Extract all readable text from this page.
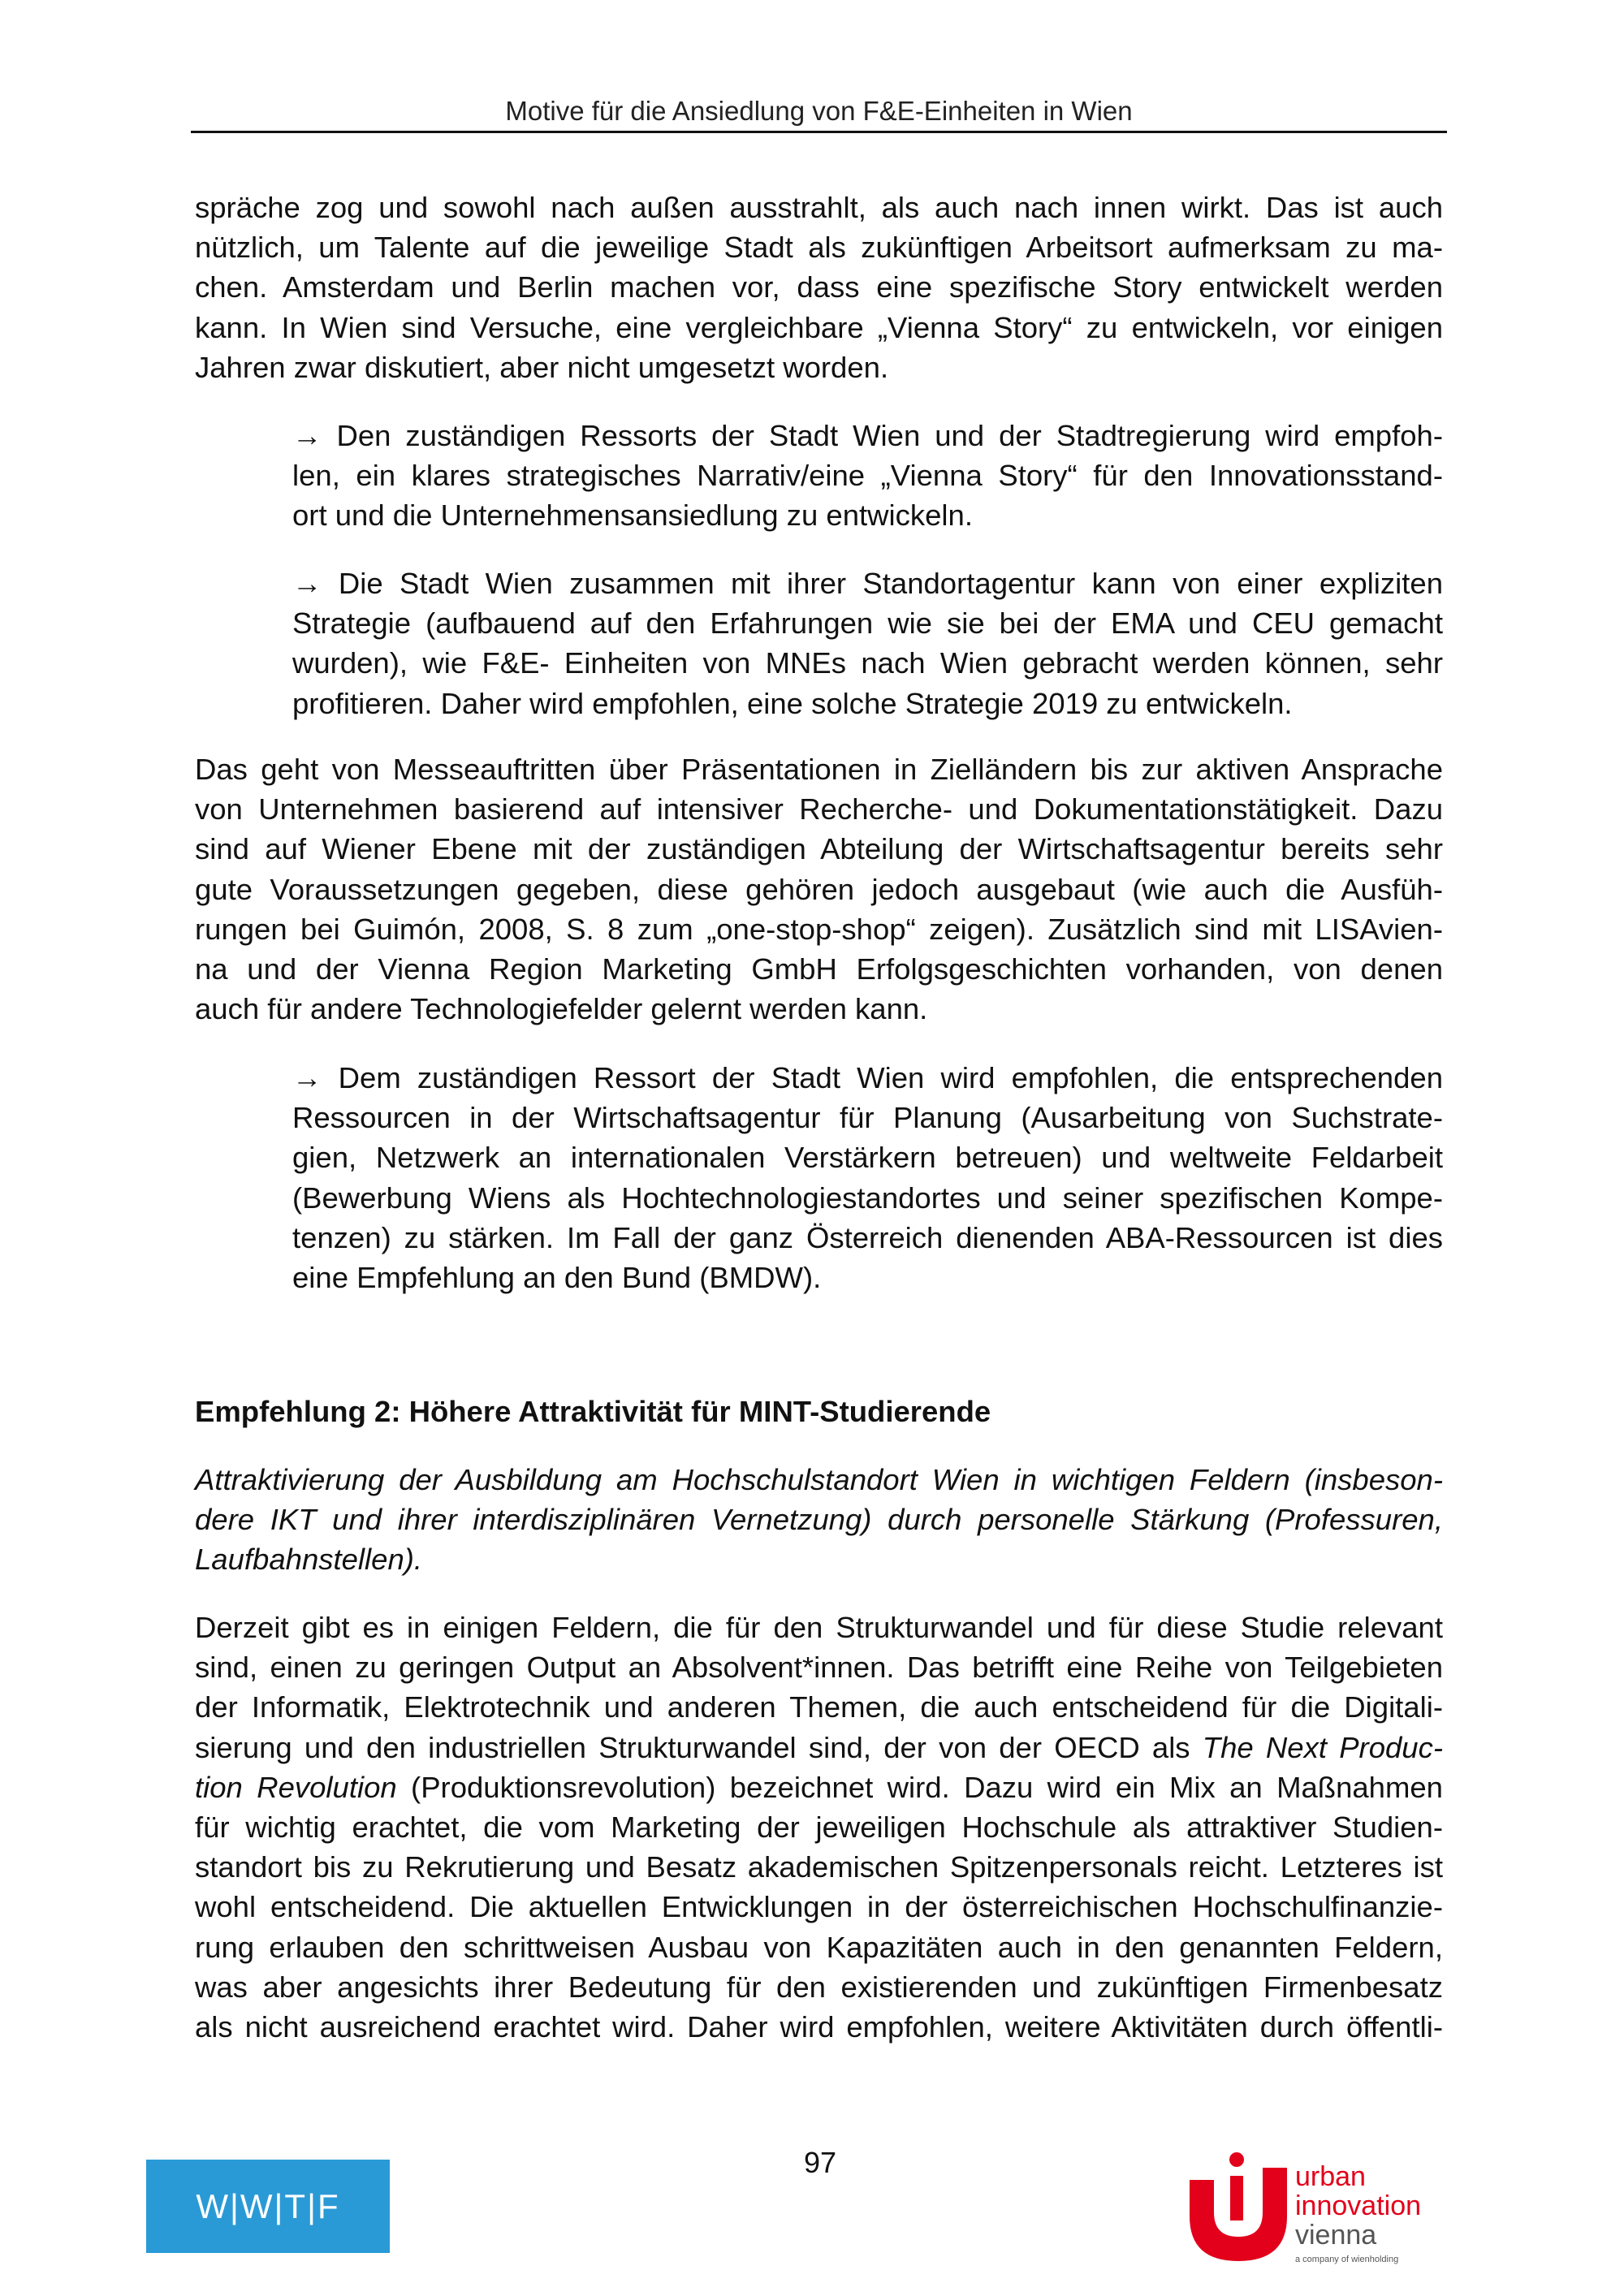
Motive für die Ansiedlung von F&E-Einheiten in Wien
spräche zog und sowohl nach außen ausstrahlt, als auch nach innen wirkt. Das ist auch
nützlich, um Talente auf die jeweilige Stadt als zukünftigen Arbeitsort aufmerksam zu ma-
chen. Amsterdam und Berlin machen vor, dass eine spezifische Story entwickelt werden
kann. In Wien sind Versuche, eine vergleichbare „Vienna Story“ zu entwickeln, vor einigen
Jahren zwar diskutiert, aber nicht umgesetzt worden.
→ Den zuständigen Ressorts der Stadt Wien und der Stadtregierung wird empfoh-
len, ein klares strategisches Narrativ/eine „Vienna Story“ für den Innovationsstand-
ort und die Unternehmensansiedlung zu entwickeln.
→ Die Stadt Wien zusammen mit ihrer Standortagentur kann von einer expliziten
Strategie (aufbauend auf den Erfahrungen wie sie bei der EMA und CEU gemacht
wurden), wie F&E- Einheiten von MNEs nach Wien gebracht werden können, sehr
profitieren. Daher wird empfohlen, eine solche Strategie 2019 zu entwickeln.
Das geht von Messeauftritten über Präsentationen in Zielländern bis zur aktiven Ansprache
von Unternehmen basierend auf intensiver Recherche- und Dokumentationstätigkeit. Dazu
sind auf Wiener Ebene mit der zuständigen Abteilung der Wirtschaftsagentur bereits sehr
gute Voraussetzungen gegeben, diese gehören jedoch ausgebaut (wie auch die Ausfüh-
rungen bei Guimón, 2008, S. 8 zum „one-stop-shop“ zeigen). Zusätzlich sind mit LISAvien-
na und der Vienna Region Marketing GmbH Erfolgsgeschichten vorhanden, von denen
auch für andere Technologiefelder gelernt werden kann.
→ Dem zuständigen Ressort der Stadt Wien wird empfohlen, die entsprechenden
Ressourcen in der Wirtschaftsagentur für Planung (Ausarbeitung von Suchstrate-
gien, Netzwerk an internationalen Verstärkern betreuen) und weltweite Feldarbeit
(Bewerbung Wiens als Hochtechnologiestandortes und seiner spezifischen Kompe-
tenzen) zu stärken. Im Fall der ganz Österreich dienenden ABA-Ressourcen ist dies
eine Empfehlung an den Bund (BMDW).
Attraktivierung der Ausbildung am Hochschulstandort Wien in wichtigen Feldern (insbeson-
dere IKT und ihrer interdisziplinären Vernetzung) durch personelle Stärkung (Professuren,
Laufbahnstellen).
Derzeit gibt es in einigen Feldern, die für den Strukturwandel und für diese Studie relevant
sind, einen zu geringen Output an Absolvent*innen. Das betrifft eine Reihe von Teilgebieten
der Informatik, Elektrotechnik und anderen Themen, die auch entscheidend für die Digitali-
sierung und den industriellen Strukturwandel sind, der von der OECD als The Next Produc-
tion Revolution (Produktionsrevolution) bezeichnet wird. Dazu wird ein Mix an Maßnahmen
für wichtig erachtet, die vom Marketing der jeweiligen Hochschule als attraktiver Studien-
standort bis zu Rekrutierung und Besatz akademischen Spitzenpersonals reicht. Letzteres ist
wohl entscheidend. Die aktuellen Entwicklungen in der österreichischen Hochschulfinanzie-
rung erlauben den schrittweisen Ausbau von Kapazitäten auch in den genannten Feldern,
was aber angesichts ihrer Bedeutung für den existierenden und zukünftigen Firmenbesatz
als nicht ausreichend erachtet wird. Daher wird empfohlen, weitere Aktivitäten durch öffentli-
Empfehlung 2: Höhere Attraktivität für MINT-Studierende
97
W|W|T|F
urban
innovation
vienna
a company of wienholding
